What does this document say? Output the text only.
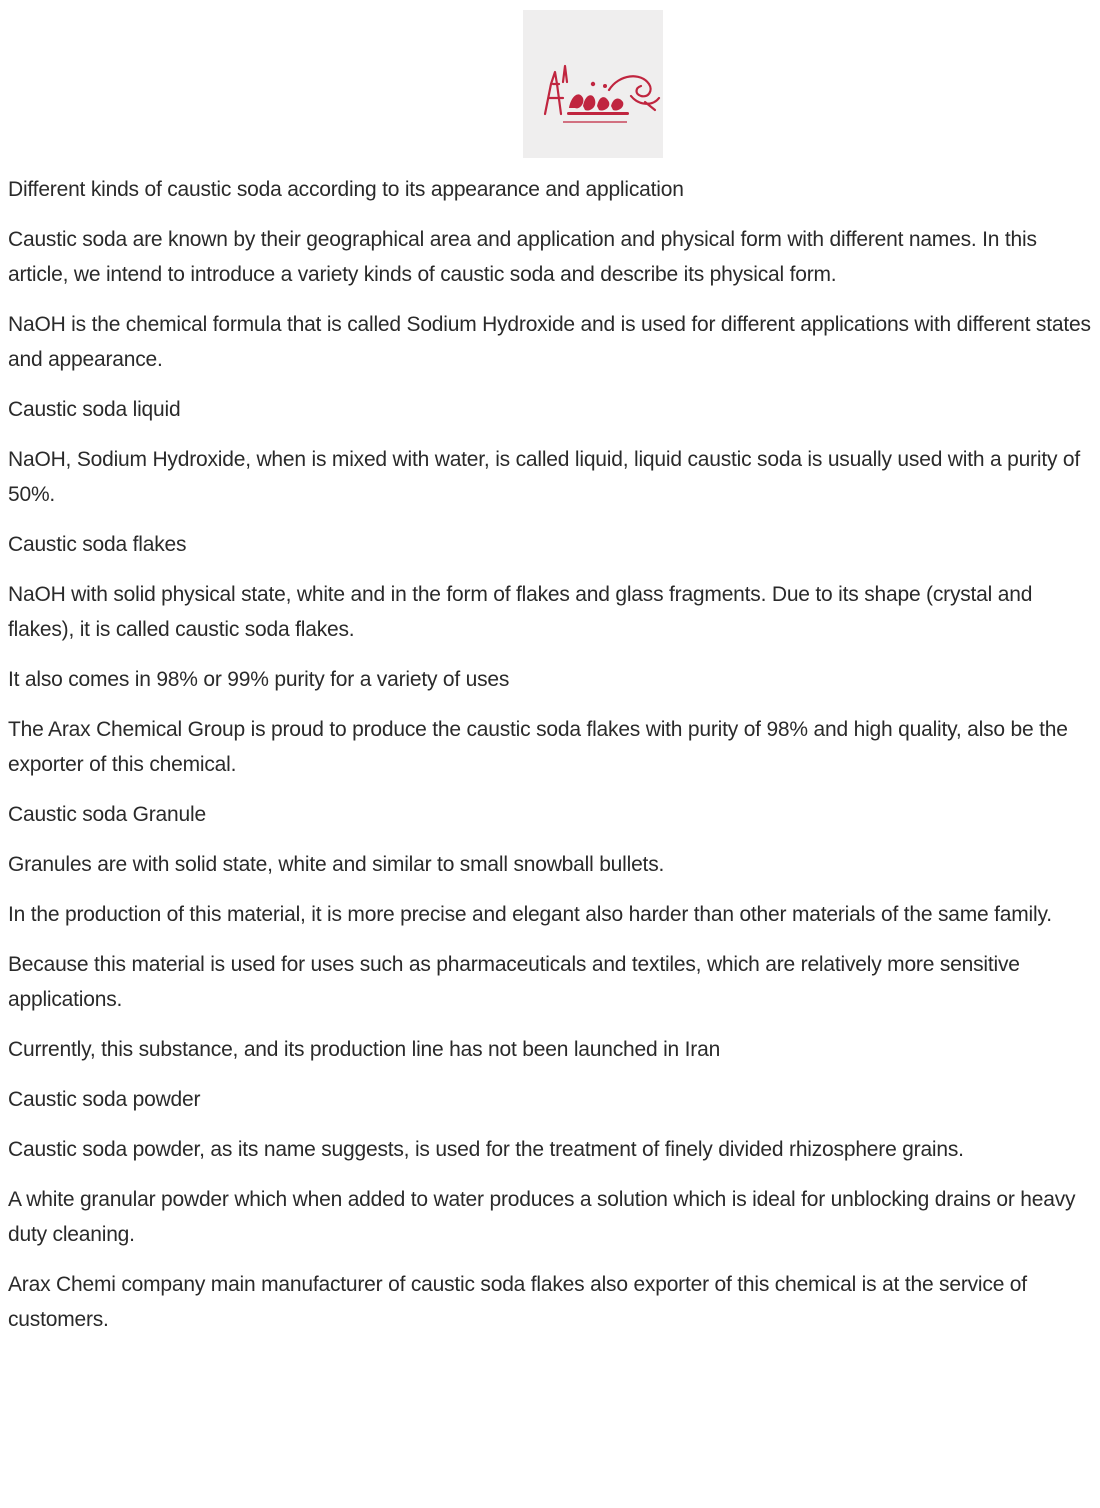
Different kinds of caustic soda according to its appearance and application

Caustic soda are known by their geographical area and application and physical form with different names. In this article, we intend to introduce a variety kinds of caustic soda and describe its physical form.

NaOH is the chemical formula that is called Sodium Hydroxide and is used for different applications with different states and appearance.

Caustic soda liquid

NaOH, Sodium Hydroxide, when is mixed with water, is called liquid, liquid caustic soda is usually used with a purity of 50%.

Caustic soda flakes

NaOH with solid physical state, white and in the form of flakes and glass fragments. Due to its shape (crystal and flakes), it is called caustic soda flakes.

It also comes in 98% or 99% purity for a variety of uses

The Arax Chemical Group is proud to produce the caustic soda flakes with purity of 98% and high quality, also be the exporter of this chemical.

Caustic soda Granule

Granules are with solid state, white and similar to small snowball bullets.

In the production of this material, it is more precise and elegant also harder than other materials of the same family.

Because this material is used for uses such as pharmaceuticals and textiles, which are relatively more sensitive applications.

Currently, this substance, and its production line has not been launched in Iran

Caustic soda powder

Caustic soda powder, as its name suggests, is used for the treatment of finely divided rhizosphere grains.

A white granular powder which when added to water produces a solution which is ideal for unblocking drains or heavy duty cleaning.

Arax Chemi company main manufacturer of caustic soda flakes also exporter of this chemical is at the service of customers.
